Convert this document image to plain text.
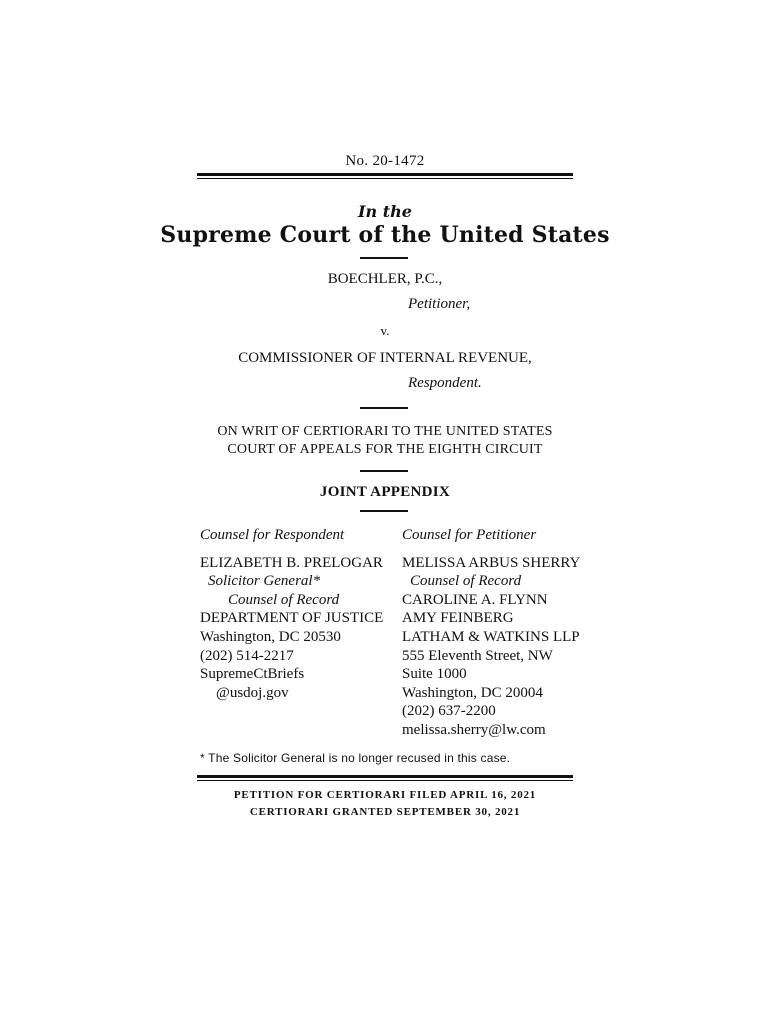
No. 20-1472
In the
Supreme Court of the United States
BOECHLER, P.C.,
Petitioner,
v.
COMMISSIONER OF INTERNAL REVENUE,
Respondent.
ON WRIT OF CERTIORARI TO THE UNITED STATES
COURT OF APPEALS FOR THE EIGHTH CIRCUIT
JOINT APPENDIX
Counsel for Respondent
ELIZABETH B. PRELOGAR
Solicitor General*
Counsel of Record
DEPARTMENT OF JUSTICE
Washington, DC 20530
(202) 514-2217
SupremeCtBriefs
@usdoj.gov
Counsel for Petitioner
MELISSA ARBUS SHERRY
Counsel of Record
CAROLINE A. FLYNN
AMY FEINBERG
LATHAM & WATKINS LLP
555 Eleventh Street, NW
Suite 1000
Washington, DC 20004
(202) 637-2200
melissa.sherry@lw.com
* The Solicitor General is no longer recused in this case.
PETITION FOR CERTIORARI FILED APRIL 16, 2021
CERTIORARI GRANTED SEPTEMBER 30, 2021
